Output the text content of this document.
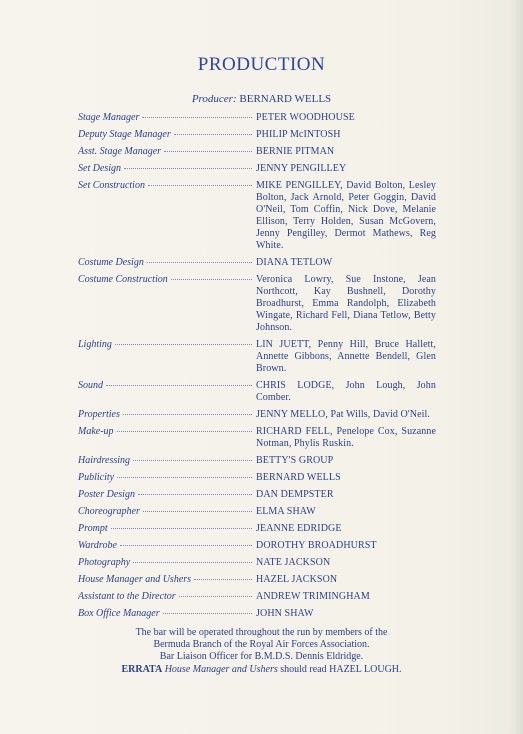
PRODUCTION
Producer: BERNARD WELLS
Stage Manager	PETER WOODHOUSE
Deputy Stage Manager	PHILIP McINTOSH
Asst. Stage Manager	BERNIE PITMAN
Set Design	JENNY PENGILLEY
Set Construction	MIKE PENGILLEY, David Bolton, Lesley Bolton, Jack Arnold, Peter Goggin, David O'Neil, Tom Coffin, Nick Dove, Melanie Ellison, Terry Holden, Susan McGovern, Jenny Pengilley, Dermot Mathews, Reg White.
Costume Design	DIANA TETLOW
Costume Construction	Veronica Lowry, Sue Instone, Jean Northcott, Kay Bushnell, Dorothy Broadhurst, Emma Randolph, Elizabeth Wingate, Richard Fell, Diana Tetlow, Betty Johnson.
Lighting	LIN JUETT, Penny Hill, Bruce Hallett, Annette Gibbons, Annette Bendell, Glen Brown.
Sound	CHRIS LODGE, John Lough, John Comber.
Properties	JENNY MELLO, Pat Wills, David O'Neil.
Make-up	RICHARD FELL, Penelope Cox, Suzanne Notman, Phylis Ruskin.
Hairdressing	BETTY'S GROUP
Publicity	BERNARD WELLS
Poster Design	DAN DEMPSTER
Choreographer	ELMA SHAW
Prompt	JEANNE EDRIDGE
Wardrobe	DOROTHY BROADHURST
Photography	NATE JACKSON
House Manager and Ushers	HAZEL JACKSON
Assistant to the Director	ANDREW TRIMINGHAM
Box Office Manager	JOHN SHAW
The bar will be operated throughout the run by members of the
Bermuda Branch of the Royal Air Forces Association.
Bar Liaison Officer for B.M.D.S. Dennis Eldridge.
ERRATA House Manager and Ushers should read HAZEL LOUGH.
